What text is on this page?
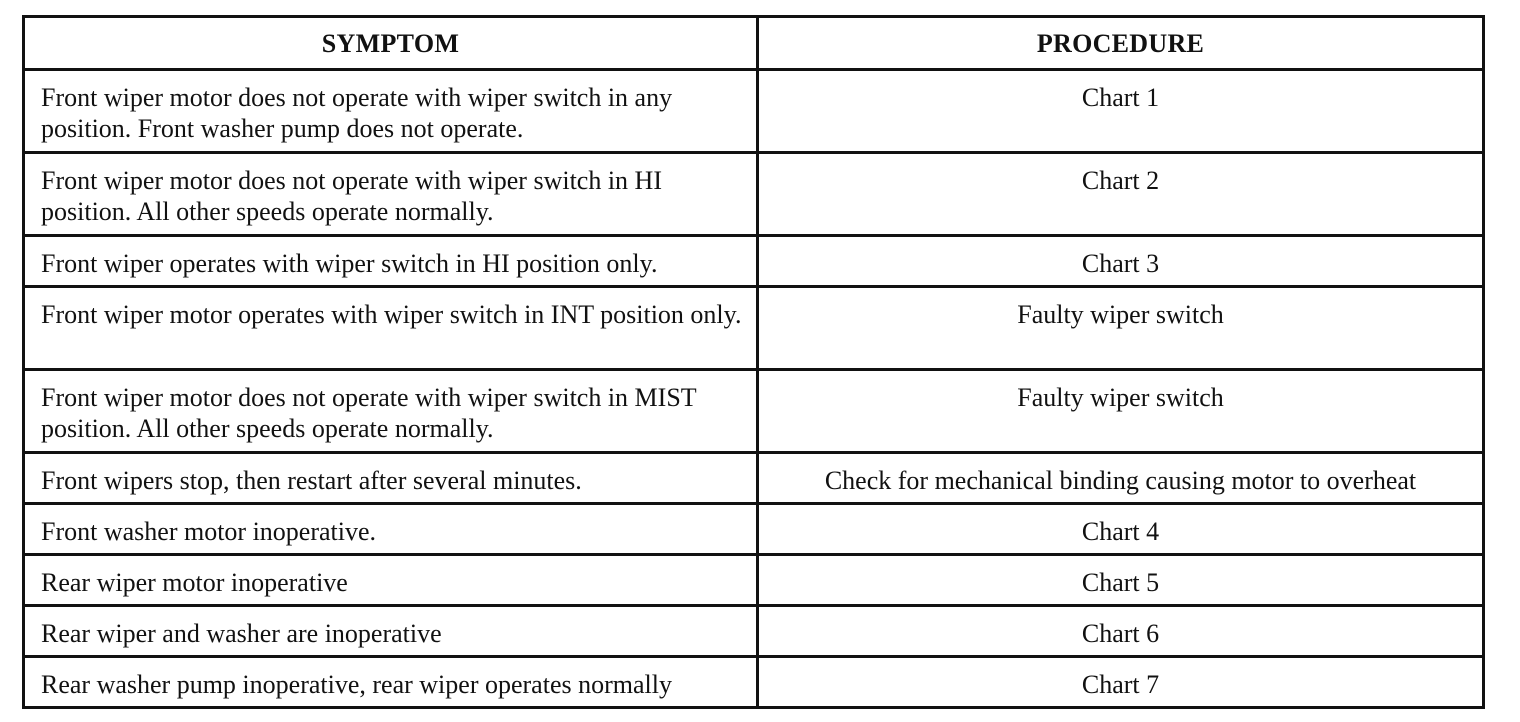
SYMPTOM	PROCEDURE
Front wiper motor does not operate with wiper switch in any position. Front washer pump does not operate.	Chart 1
Front wiper motor does not operate with wiper switch in HI position. All other speeds operate normally.	Chart 2
Front wiper operates with wiper switch in HI position only.	Chart 3
Front wiper motor operates with wiper switch in INT position only.	Faulty wiper switch
Front wiper motor does not operate with wiper switch in MIST position. All other speeds operate normally.	Faulty wiper switch
Front wipers stop, then restart after several minutes.	Check for mechanical binding causing motor to overheat
Front washer motor inoperative.	Chart 4
Rear wiper motor inoperative	Chart 5
Rear wiper and washer are inoperative	Chart 6
Rear washer pump inoperative, rear wiper operates normally	Chart 7
